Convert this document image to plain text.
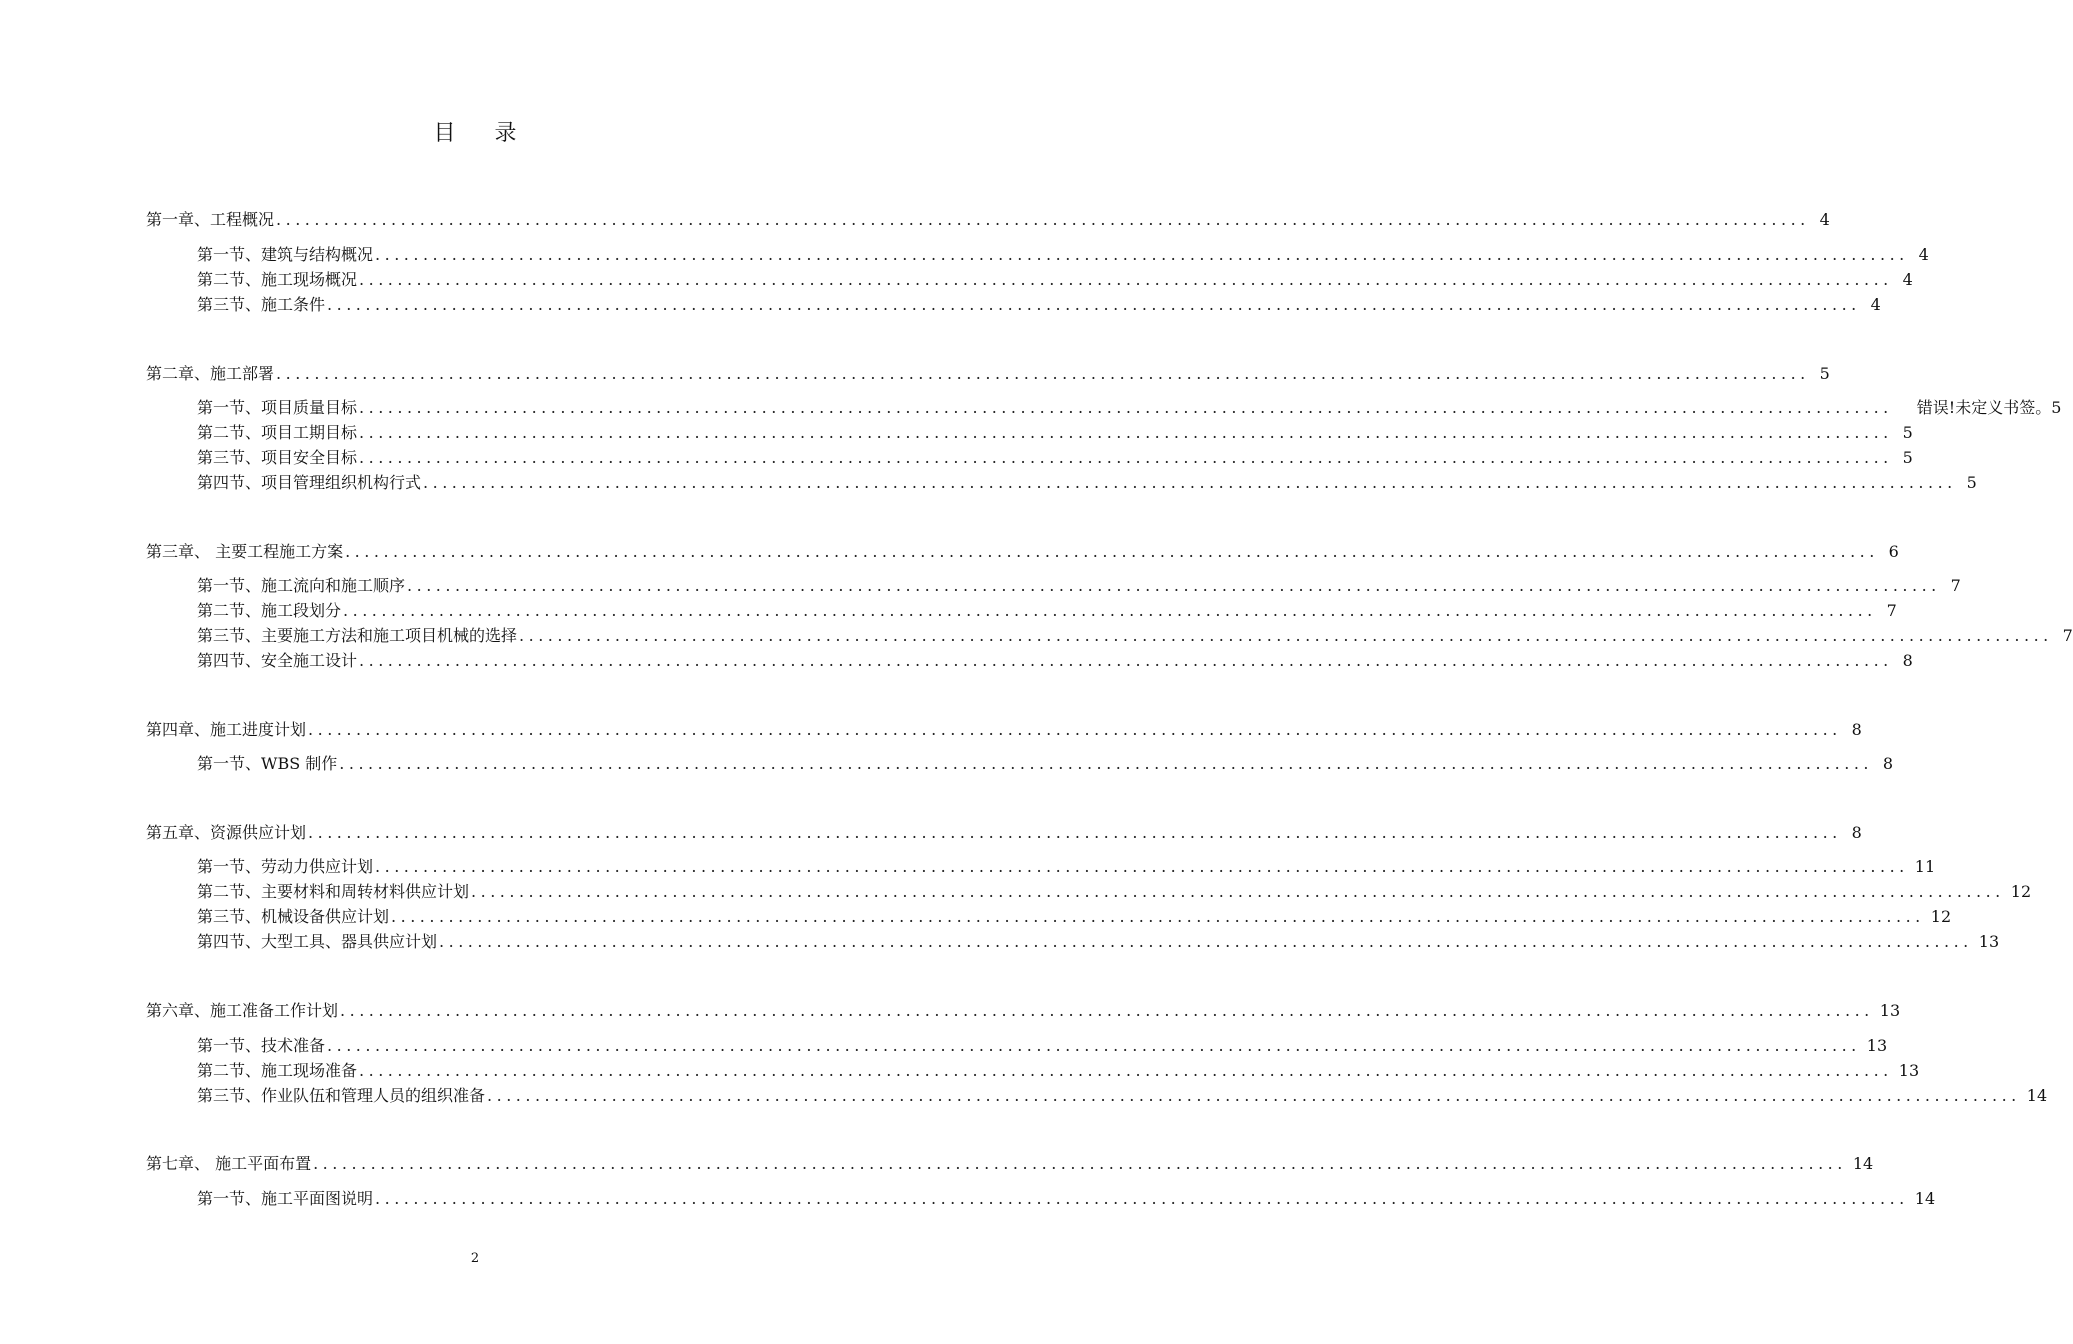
目 录
第一章、工程概况 ................................................................................................................................................................ 4
第一节、建筑与结构概况 ................................................................................................................................................................ 4
第二节、施工现场概况 ................................................................................................................................................................ 4
第三节、施工条件 ................................................................................................................................................................ 4
第二章、施工部署 ................................................................................................................................................................ 5
第一节、项目质量目标 ................................................................................................................................................................ 错误!未定义书签。5
第二节、项目工期目标 ................................................................................................................................................................ 5
第三节、项目安全目标 ................................................................................................................................................................ 5
第四节、项目管理组织机构行式 ................................................................................................................................................................ 5
第三章、 主要工程施工方案 ................................................................................................................................................................ 6
第一节、施工流向和施工顺序 ................................................................................................................................................................ 7
第二节、施工段划分 ................................................................................................................................................................ 7
第三节、主要施工方法和施工项目机械的选择 ................................................................................................................................................................ 7
第四节、安全施工设计 ................................................................................................................................................................ 8
第四章、施工进度计划 ................................................................................................................................................................ 8
第一节、WBS 制作 ................................................................................................................................................................ 8
第五章、资源供应计划 ................................................................................................................................................................ 8
第一节、劳动力供应计划 ................................................................................................................................................................ 11
第二节、主要材料和周转材料供应计划 ................................................................................................................................................................ 12
第三节、机械设备供应计划 ................................................................................................................................................................ 12
第四节、大型工具、器具供应计划 ................................................................................................................................................................ 13
第六章、施工准备工作计划 ................................................................................................................................................................ 13
第一节、技术准备 ................................................................................................................................................................ 13
第二节、施工现场准备 ................................................................................................................................................................ 13
第三节、作业队伍和管理人员的组织准备 ................................................................................................................................................................ 14
第七章、 施工平面布置 ................................................................................................................................................................ 14
第一节、施工平面图说明 ................................................................................................................................................................ 14
2
